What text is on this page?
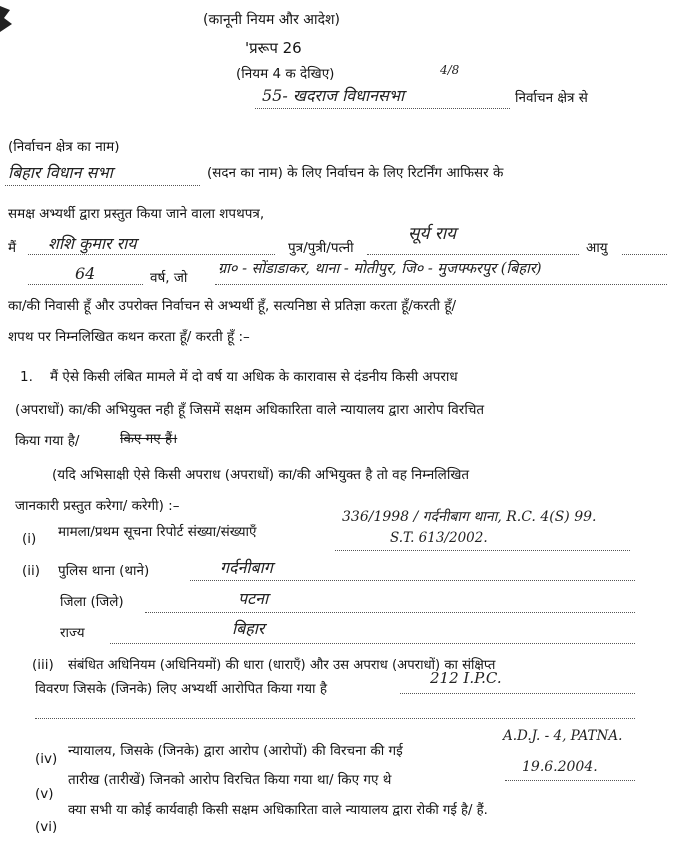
(कानूनी नियम और आदेश)
'प्ररूप 26
(नियम 4 क देखिए)	4/8
55- खदराज विधानसभा	निर्वाचन क्षेत्र से
(निर्वाचन क्षेत्र का नाम)
बिहार विधान सभा	(सदन का नाम) के लिए निर्वाचन के लिए रिटर्निंग आफिसर के
समक्ष अभ्यर्थी द्वारा प्रस्तुत किया जाने वाला शपथपत्र,
मैं शशि कुमार राय	पुत्र/पुत्री/पत्नी
सूर्य राय
आयु
64	वर्ष, जो
ग्रा० - सोंडाडाकर, थाना - मोतीपुर, जि० - मुजफ्फरपुर (बिहार)
का/की निवासी हूँ और उपरोक्त निर्वाचन से अभ्यर्थी हूँ, सत्यनिष्ठा से प्रतिज्ञा करता हूँ/करती हूँ/
शपथ पर निम्नलिखित कथन करता हूँ/ करती हूँ :–
1. मैं ऐसे किसी लंबित मामले में दो वर्ष या अधिक के कारावास से दंडनीय किसी अपराध
(अपराधों) का/की अभियुक्त नही हूँ जिसमें सक्षम अधिकारिता वाले न्यायालय द्वारा आरोप विरचित
किया गया है/	किए गए हैं।
(यदि अभिसाक्षी ऐसे किसी अपराध (अपराधों) का/की अभियुक्त है तो वह निम्नलिखित
जानकारी प्रस्तुत करेगा/ करेगी) :–
(i) मामला/प्रथम सूचना रिपोर्ट संख्या/संख्याएँ
336/1998 / गर्दनीबाग थाना, R.C. 4(S) 99.
S.T. 613/2002.
(ii) पुलिस थाना (थाने)	गर्दनीबाग
जिला (जिले)	पटना
राज्य	बिहार
(iii) संबंधित अधिनियम (अधिनियमों) की धारा (धाराएँ) और उस अपराध (अपराधों) का संक्षिप्त
विवरण जिसके (जिनके) लिए अभ्यर्थी आरोपित किया गया है
212 I.P.C.
(iv) न्यायालय, जिसके (जिनके) द्वारा आरोप (आरोपों) की विरचना की गई
A.D.J. - 4, PATNA.
(v)
तारीख (तारीखें) जिनको आरोप विरचित किया गया था/ किए गए थे
19.6.2004.
(vi)
क्या सभी या कोई कार्यवाही किसी सक्षम अधिकारिता वाले न्यायालय द्वारा रोकी गई है/ हैं.
